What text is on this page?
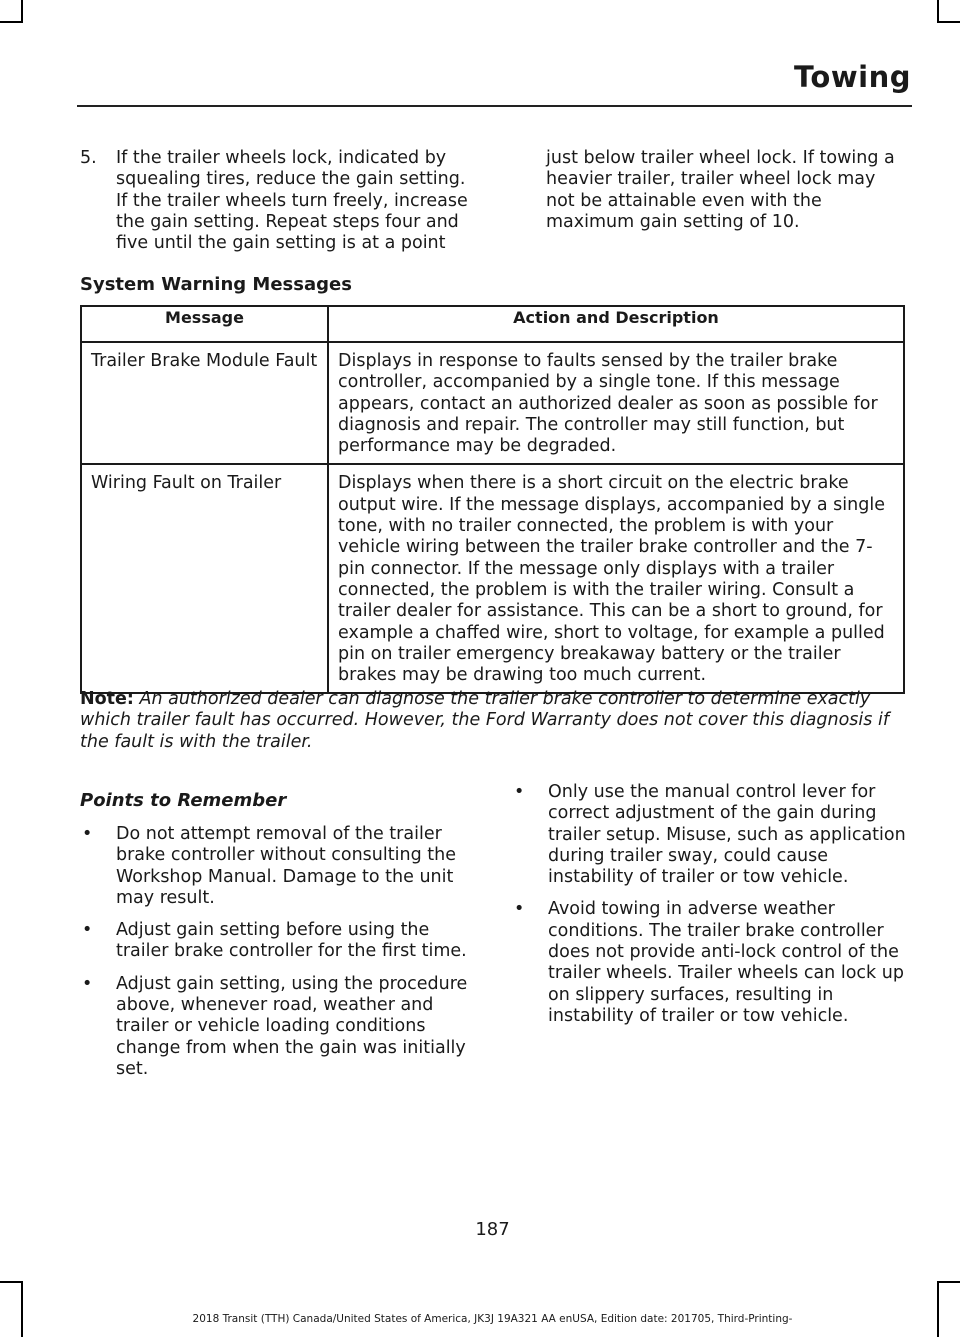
Towing
5. If the trailer wheels lock, indicated by squealing tires, reduce the gain setting. If the trailer wheels turn freely, increase the gain setting. Repeat steps four and five until the gain setting is at a point
just below trailer wheel lock. If towing a heavier trailer, trailer wheel lock may not be attainable even with the maximum gain setting of 10.
System Warning Messages
Message	Action and Description
Trailer Brake Module Fault	Displays in response to faults sensed by the trailer brake controller, accompanied by a single tone. If this message appears, contact an authorized dealer as soon as possible for diagnosis and repair. The controller may still function, but performance may be degraded.
Wiring Fault on Trailer	Displays when there is a short circuit on the electric brake output wire. If the message displays, accompanied by a single tone, with no trailer connected, the problem is with your vehicle wiring between the trailer brake controller and the 7-pin connector. If the message only displays with a trailer connected, the problem is with the trailer wiring. Consult a trailer dealer for assistance. This can be a short to ground, for example a chaffed wire, short to voltage, for example a pulled pin on trailer emergency breakaway battery or the trailer brakes may be drawing too much current.
Note: An authorized dealer can diagnose the trailer brake controller to determine exactly which trailer fault has occurred. However, the Ford Warranty does not cover this diagnosis if the fault is with the trailer.
Points to Remember
• Do not attempt removal of the trailer brake controller without consulting the Workshop Manual. Damage to the unit may result.
• Adjust gain setting before using the trailer brake controller for the first time.
• Adjust gain setting, using the procedure above, whenever road, weather and trailer or vehicle loading conditions change from when the gain was initially set.
• Only use the manual control lever for correct adjustment of the gain during trailer setup. Misuse, such as application during trailer sway, could cause instability of trailer or tow vehicle.
• Avoid towing in adverse weather conditions. The trailer brake controller does not provide anti-lock control of the trailer wheels. Trailer wheels can lock up on slippery surfaces, resulting in instability of trailer or tow vehicle.
187
2018 Transit (TTH) Canada/United States of America, JK3J 19A321 AA enUSA, Edition date: 201705, Third-Printing-
